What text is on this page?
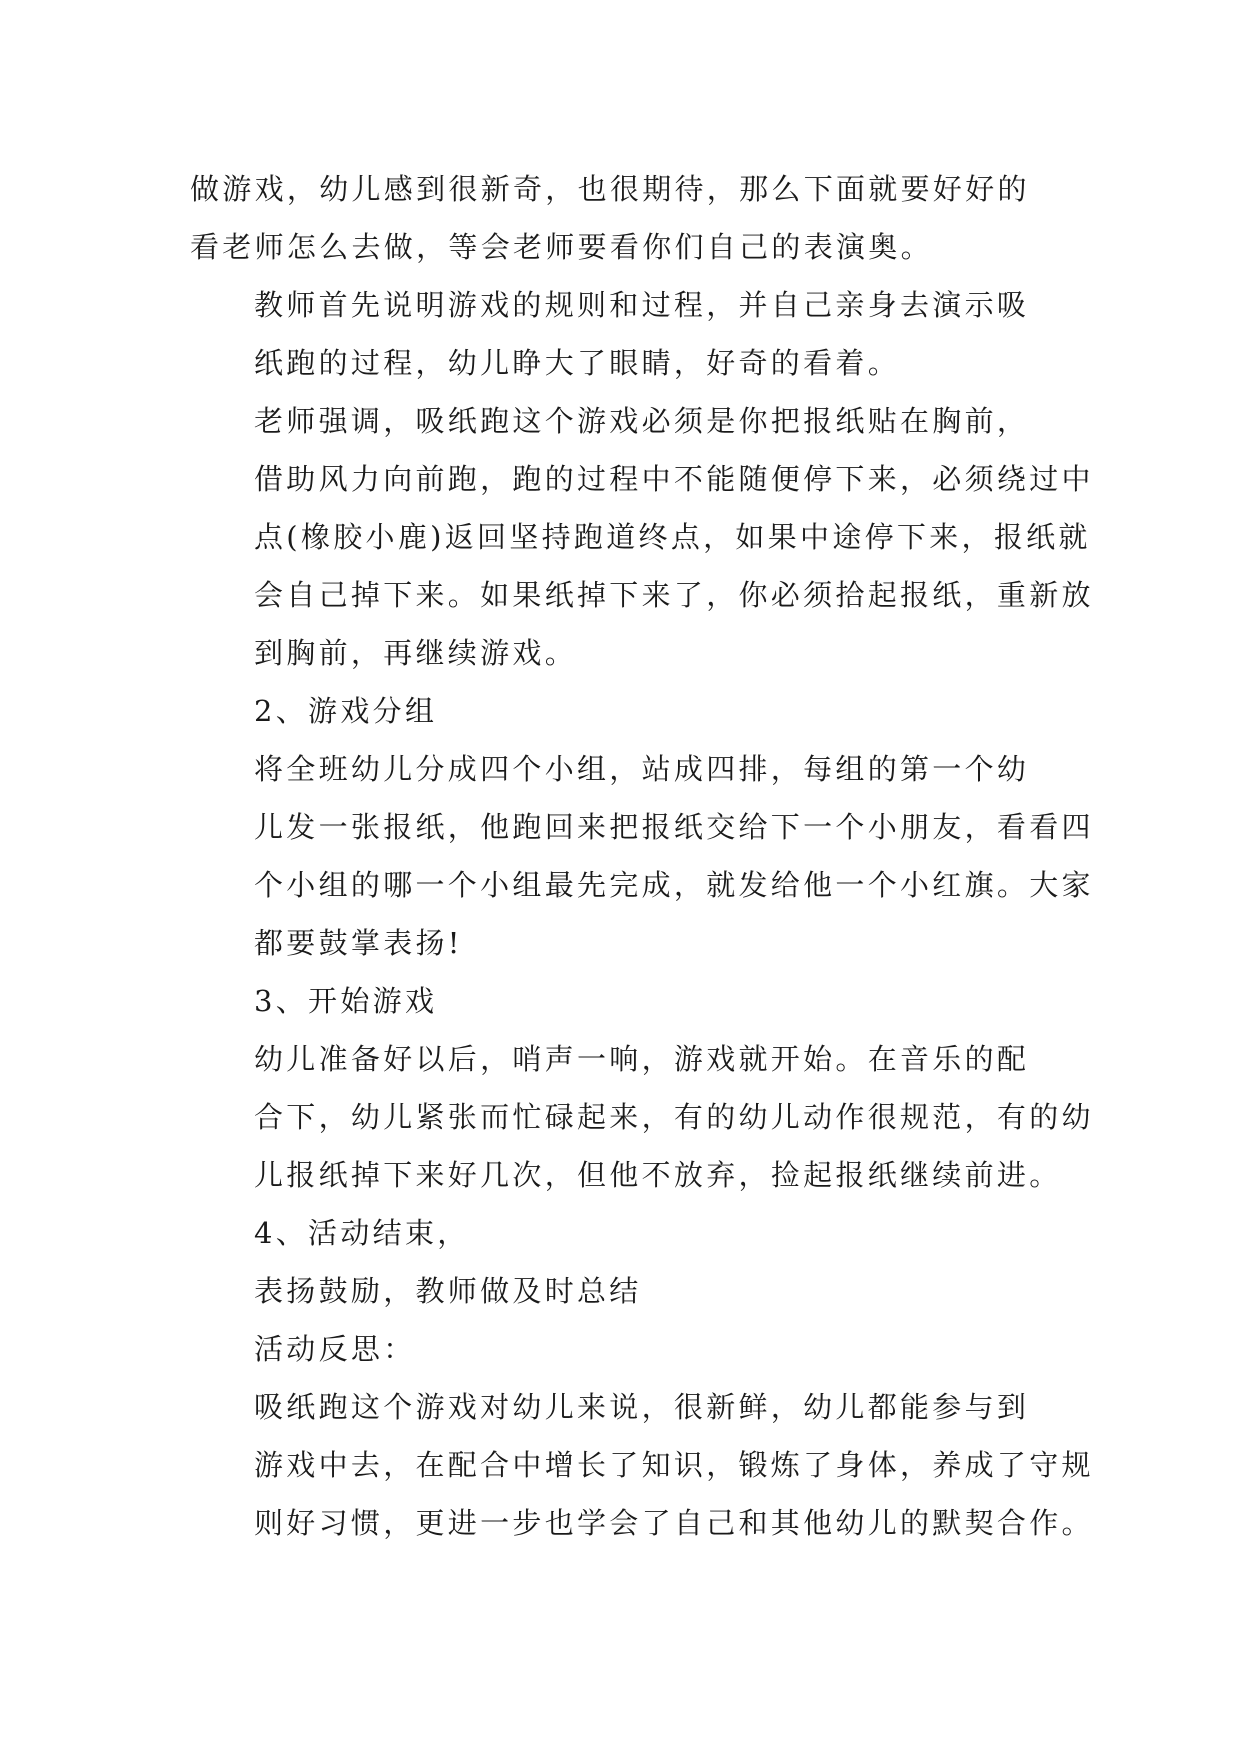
做游戏，幼儿感到很新奇，也很期待，那么下面就要好好的
看老师怎么去做，等会老师要看你们自己的表演奥。

教师首先说明游戏的规则和过程，并自己亲身去演示吸
纸跑的过程，幼儿睁大了眼睛，好奇的看着。

老师强调，吸纸跑这个游戏必须是你把报纸贴在胸前，
借助风力向前跑，跑的过程中不能随便停下来，必须绕过中
点(橡胶小鹿)返回坚持跑道终点，如果中途停下来，报纸就
会自己掉下来。如果纸掉下来了，你必须拾起报纸，重新放
到胸前，再继续游戏。

2、游戏分组

将全班幼儿分成四个小组，站成四排，每组的第一个幼
儿发一张报纸，他跑回来把报纸交给下一个小朋友，看看四
个小组的哪一个小组最先完成，就发给他一个小红旗。大家
都要鼓掌表扬!

3、开始游戏

幼儿准备好以后，哨声一响，游戏就开始。在音乐的配
合下，幼儿紧张而忙碌起来，有的幼儿动作很规范，有的幼
儿报纸掉下来好几次，但他不放弃，捡起报纸继续前进。

4、活动结束，

表扬鼓励，教师做及时总结

活动反思：

吸纸跑这个游戏对幼儿来说，很新鲜，幼儿都能参与到
游戏中去，在配合中增长了知识，锻炼了身体，养成了守规
则好习惯，更进一步也学会了自己和其他幼儿的默契合作。
